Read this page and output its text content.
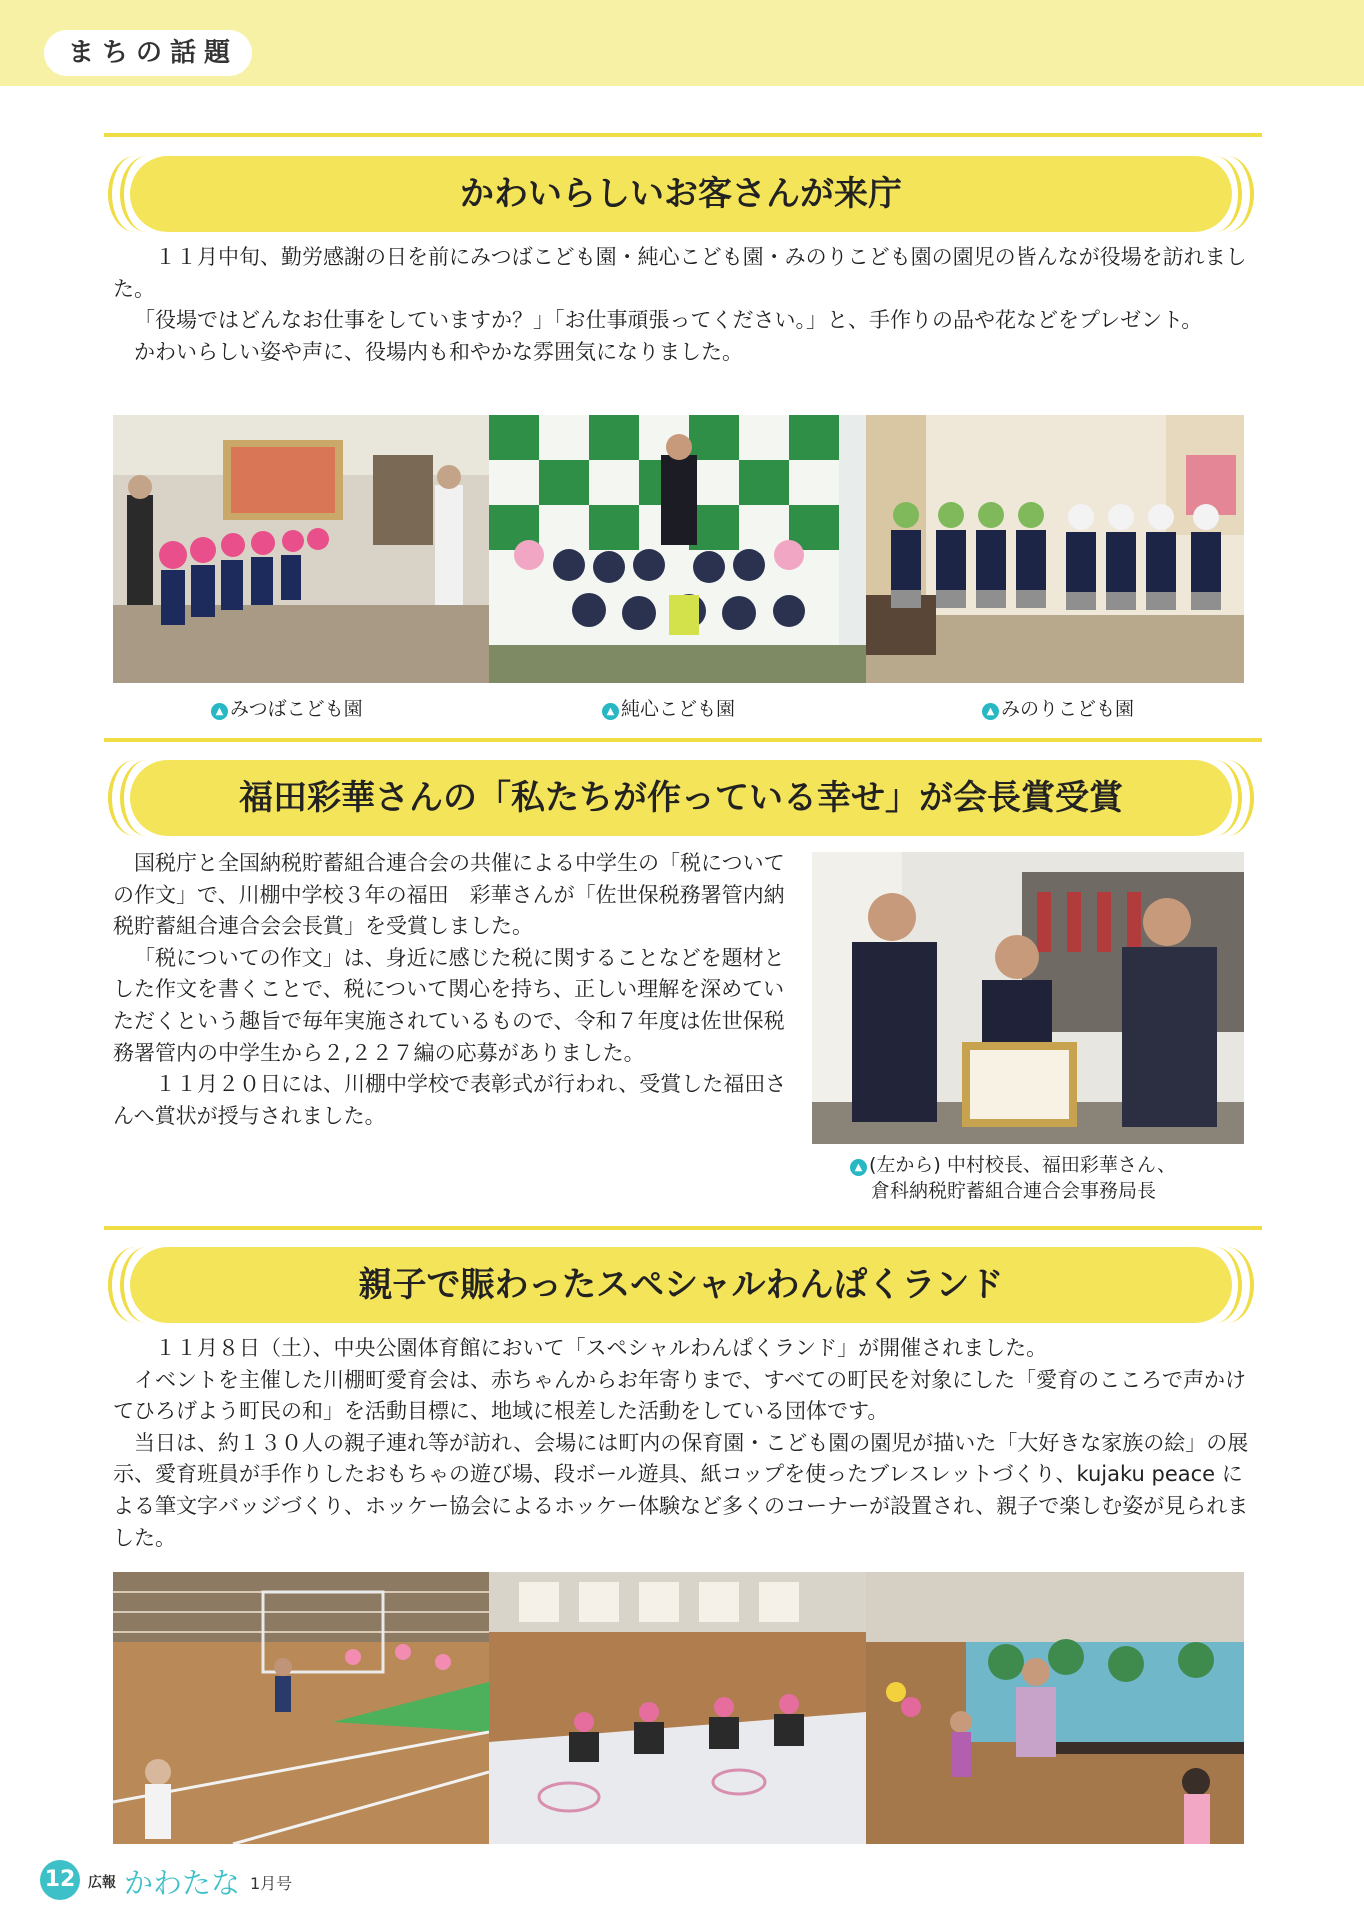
まちの話題
かわいらしいお客さんが来庁

１１月中旬、勤労感謝の日を前にみつばこども園・純心こども園・みのりこども園の園児の皆んなが役場を訪れました。

「役場ではどんなお仕事をしていますか？」「お仕事頑張ってください。」と、手作りの品や花などをプレゼント。

かわいらしい姿や声に、役場内も和やかな雰囲気になりました。

▲ みつばこども園	▲ 純心こども園	▲ みのりこども園
福田彩華さんの「私たちが作っている幸せ」が会長賞受賞

国税庁と全国納税貯蓄組合連合会の共催による中学生の「税についての作文」で、川棚中学校３年の福田　彩華さんが「佐世保税務署管内納税貯蓄組合連合会会長賞」を受賞しました。

「税についての作文」は、身近に感じた税に関することなどを題材とした作文を書くことで、税について関心を持ち、正しい理解を深めていただくという趣旨で毎年実施されているもので、令和７年度は佐世保税務署管内の中学生から２,２２７編の応募がありました。

１１月２０日には、川棚中学校で表彰式が行われ、受賞した福田さんへ賞状が授与されました。

▲ (左から) 中村校長、福田彩華さん、
倉科納税貯蓄組合連合会事務局長
親子で賑わったスペシャルわんぱくランド

１１月８日（土）、中央公園体育館において「スペシャルわんぱくランド」が開催されました。

イベントを主催した川棚町愛育会は、赤ちゃんからお年寄りまで、すべての町民を対象にした「愛育のこころで声かけてひろげよう町民の和」を活動目標に、地域に根差した活動をしている団体です。

当日は、約１３０人の親子連れ等が訪れ、会場には町内の保育園・こども園の園児が描いた「大好きな家族の絵」の展示、愛育班員が手作りしたおもちゃの遊び場、段ボール遊具、紙コップを使ったブレスレットづくり、kujaku peace による筆文字バッジづくり、ホッケー協会によるホッケー体験など多くのコーナーが設置され、親子で楽しむ姿が見られました。

12 広報 かわたな 1月号
